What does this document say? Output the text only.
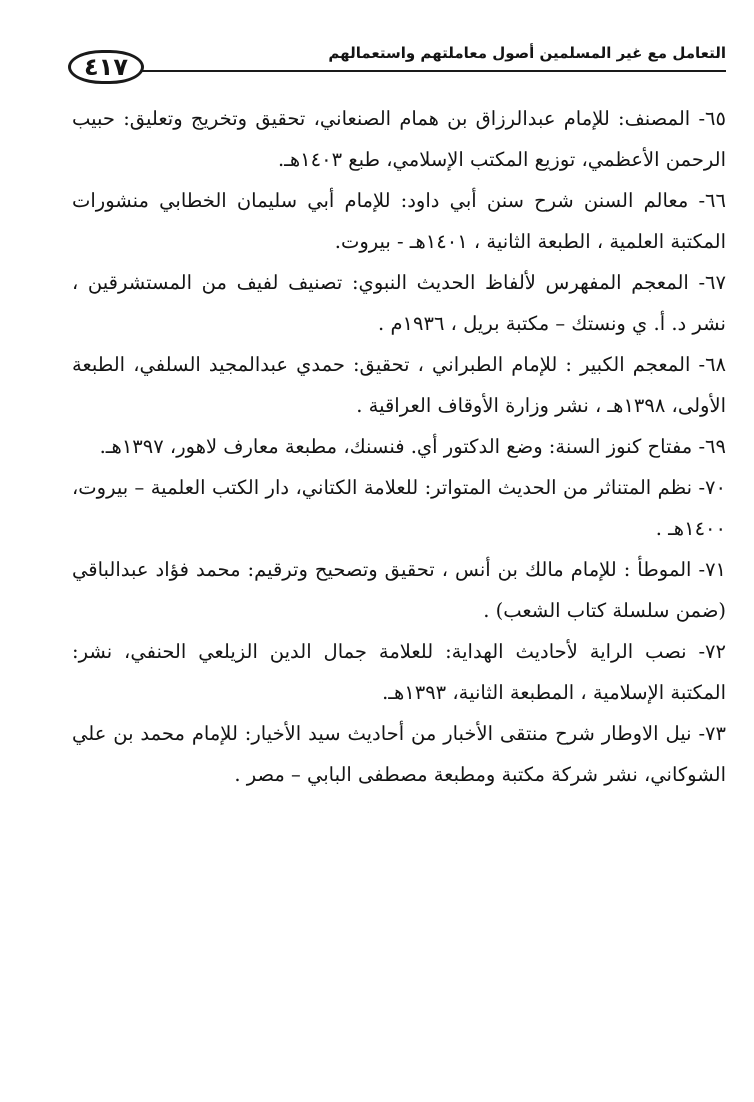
التعامل مع غير المسلمين أصول معاملتهم واستعمالهم
٤١٧
٦٥- المصنف: للإمام عبدالرزاق بن همام الصنعاني، تحقيق وتخريج وتعليق: حبيب الرحمن الأعظمي، توزيع المكتب الإسلامي، طبع ١٤٠٣هـ.
٦٦- معالم السنن شرح سنن أبي داود: للإمام أبي سليمان الخطابي منشورات المكتبة العلمية ، الطبعة الثانية ، ١٤٠١هـ - بيروت.
٦٧- المعجم المفهرس لألفاظ الحديث النبوي: تصنيف لفيف من المستشرقين ، نشر د. أ. ي ونستك – مكتبة بريل ، ١٩٣٦م .
٦٨- المعجم الكبير : للإمام الطبراني ، تحقيق: حمدي عبدالمجيد السلفي، الطبعة الأولى، ١٣٩٨هـ ، نشر وزارة الأوقاف العراقية .
٦٩- مفتاح كنوز السنة: وضع الدكتور أي. فنسنك، مطبعة معارف لاهور، ١٣٩٧هـ.
٧٠- نظم المتناثر من الحديث المتواتر: للعلامة الكتاني، دار الكتب العلمية – بيروت، ١٤٠٠هـ .
٧١- الموطأ : للإمام مالك بن أنس ، تحقيق وتصحيح وترقيم: محمد فؤاد عبدالباقي (ضمن سلسلة كتاب الشعب) .
٧٢- نصب الراية لأحاديث الهداية: للعلامة جمال الدين الزيلعي الحنفي، نشر: المكتبة الإسلامية ، المطبعة الثانية، ١٣٩٣هـ.
٧٣- نيل الاوطار شرح منتقى الأخبار من أحاديث سيد الأخيار: للإمام محمد بن علي الشوكاني، نشر شركة مكتبة ومطبعة مصطفى البابي – مصر .
